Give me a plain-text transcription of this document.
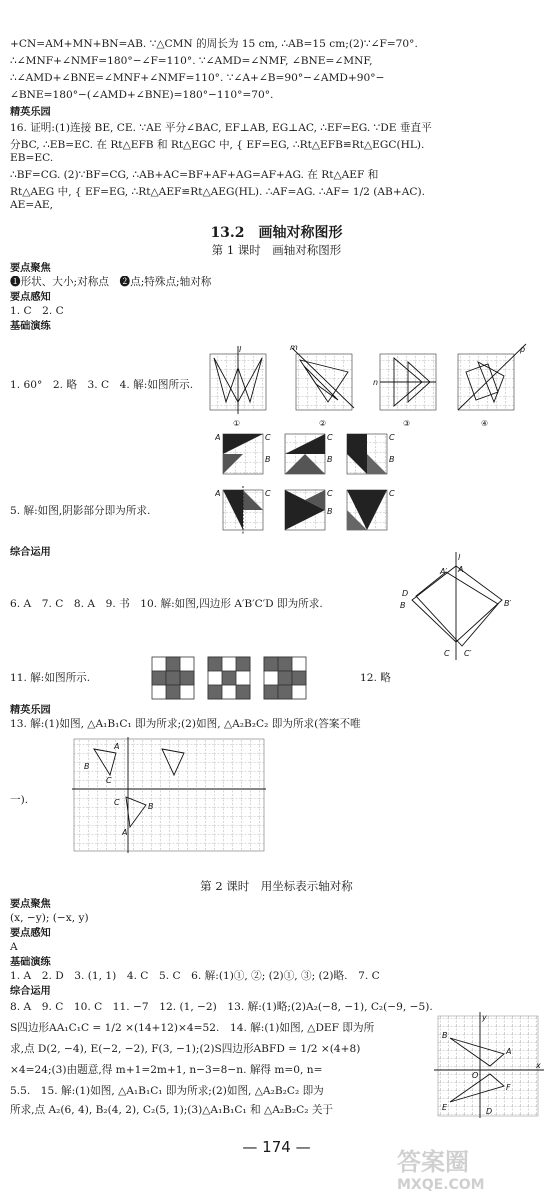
+CN=AM+MN+BN=AB. ∵△CMN 的周长为 15 cm, ∴AB=15 cm;(2)∵∠F=70°.
∴∠MNF+∠NMF=180°−∠F=110°. ∵∠AMD=∠NMF, ∠BNE=∠MNF,
∴∠AMD+∠BNE=∠MNF+∠NMF=110°. ∵∠A+∠B=90°−∠AMD+90°−
∠BNE=180°−(∠AMD+∠BNE)=180°−110°=70°.
精英乐园
16. 证明:(1)连接 BE, CE. ∵AE 平分∠BAC, EF⊥AB, EG⊥AC, ∴EF=EG. ∵DE 垂直平
分BC, ∴EB=EC. 在 Rt△EFB 和 Rt△EGC 中, { EF=EG, ∴Rt△EFB≌Rt△EGC(HL).
EB=EC.
∴BF=CG. (2)∵BF=CG, ∴AB+AC=BF+AF+AG=AF+AG. 在 Rt△AEF 和
Rt△AEG 中, { EF=EG, ∴Rt△AEF≌Rt△AEG(HL). ∴AF=AG. ∴AF= 1/2 (AB+AC).
AE=AE,
13.2　画轴对称图形
第 1 课时　画轴对称图形
要点聚焦
❶形状、大小;对称点　❷点;特殊点;轴对称
要点感知
1. C　2. C
基础演练
1. 60°　2. 略　3. C　4. 解:如图所示.
l
①
m
②
n
③
p
④
A	C
B
C
B
C
B
A	C	C
B
C
5. 解:如图,阴影部分即为所求.
综合运用
6. A　7. C　8. A　9. 书　10. 解:如图,四边形 A′B′C′D 即为所求.
l
A′ A
D
B	B′
C C′
11. 解:如图所示.	12. 略
精英乐园
13. 解:(1)如图, △A₁B₁C₁ 即为所求;(2)如图, △A₂B₂C₂ 即为所求(答案不唯
一).
B
C
A
B
C
A
第 2 课时　用坐标表示轴对称
要点聚焦
(x, −y); (−x, y)
要点感知
A
基础演练
1. A　2. D　3. (1, 1)　4. C　5. C　6. 解:(1)①, ②; (2)①, ③; (2)略.　7. C
综合运用
8. A　9. C　10. C　11. −7　12. (1, −2)　13. 解:(1)略;(2)A₂(−8, −1), C₂(−9, −5).
S四边形AA₁C₁C = 1/2 ×(14+12)×4=52.　14. 解:(1)如图, △DEF 即为所
求,点 D(2, −4), E(−2, −2), F(3, −1);(2)S四边形ABFD = 1/2 ×(4+8)
×4=24;(3)由题意,得 m+1=2m+1, n−3=8−n. 解得 m=0, n=
5.5.　15. 解:(1)如图, △A₁B₁C₁ 即为所求;(2)如图, △A₂B₂C₂ 即为
所求,点 A₂(6, 4), B₂(4, 2), C₂(5, 1);(3)△A₁B₁C₁ 和 △A₂B₂C₂ 关于
x
y
O
B
A
E
F
D
— 174 —
答案圈
MXQE.COM
